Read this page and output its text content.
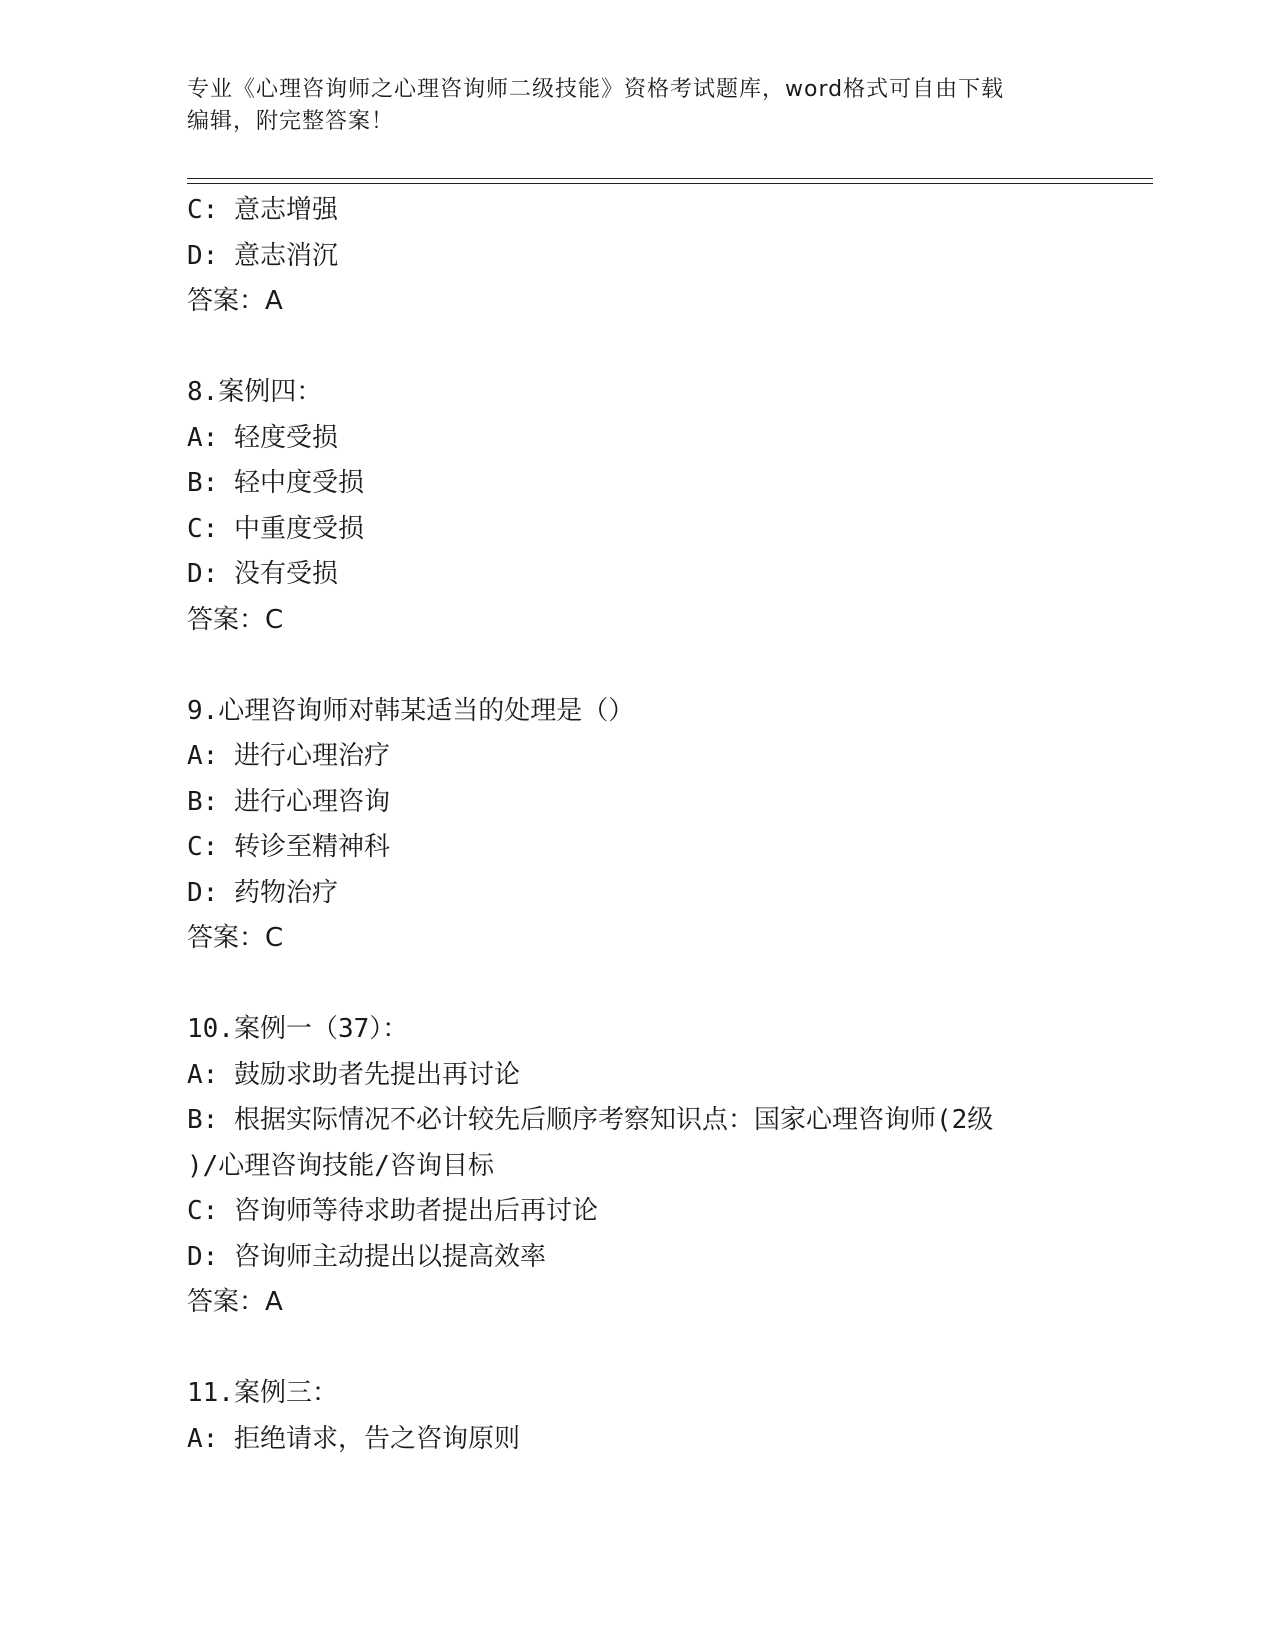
专业《心理咨询师之心理咨询师二级技能》资格考试题库，word格式可自由下载
编辑，附完整答案！
C: 意志增强
D: 意志消沉
答案：A
8.案例四：
A: 轻度受损
B: 轻中度受损
C: 中重度受损
D: 没有受损
答案：C
9.心理咨询师对韩某适当的处理是（）
A: 进行心理治疗
B: 进行心理咨询
C: 转诊至精神科
D: 药物治疗
答案：C
10.案例一（37）：
A: 鼓励求助者先提出再讨论
B: 根据实际情况不必计较先后顺序考察知识点：国家心理咨询师(2级
)/心理咨询技能/咨询目标
C: 咨询师等待求助者提出后再讨论
D: 咨询师主动提出以提高效率
答案：A
11.案例三：
A: 拒绝请求，告之咨询原则
